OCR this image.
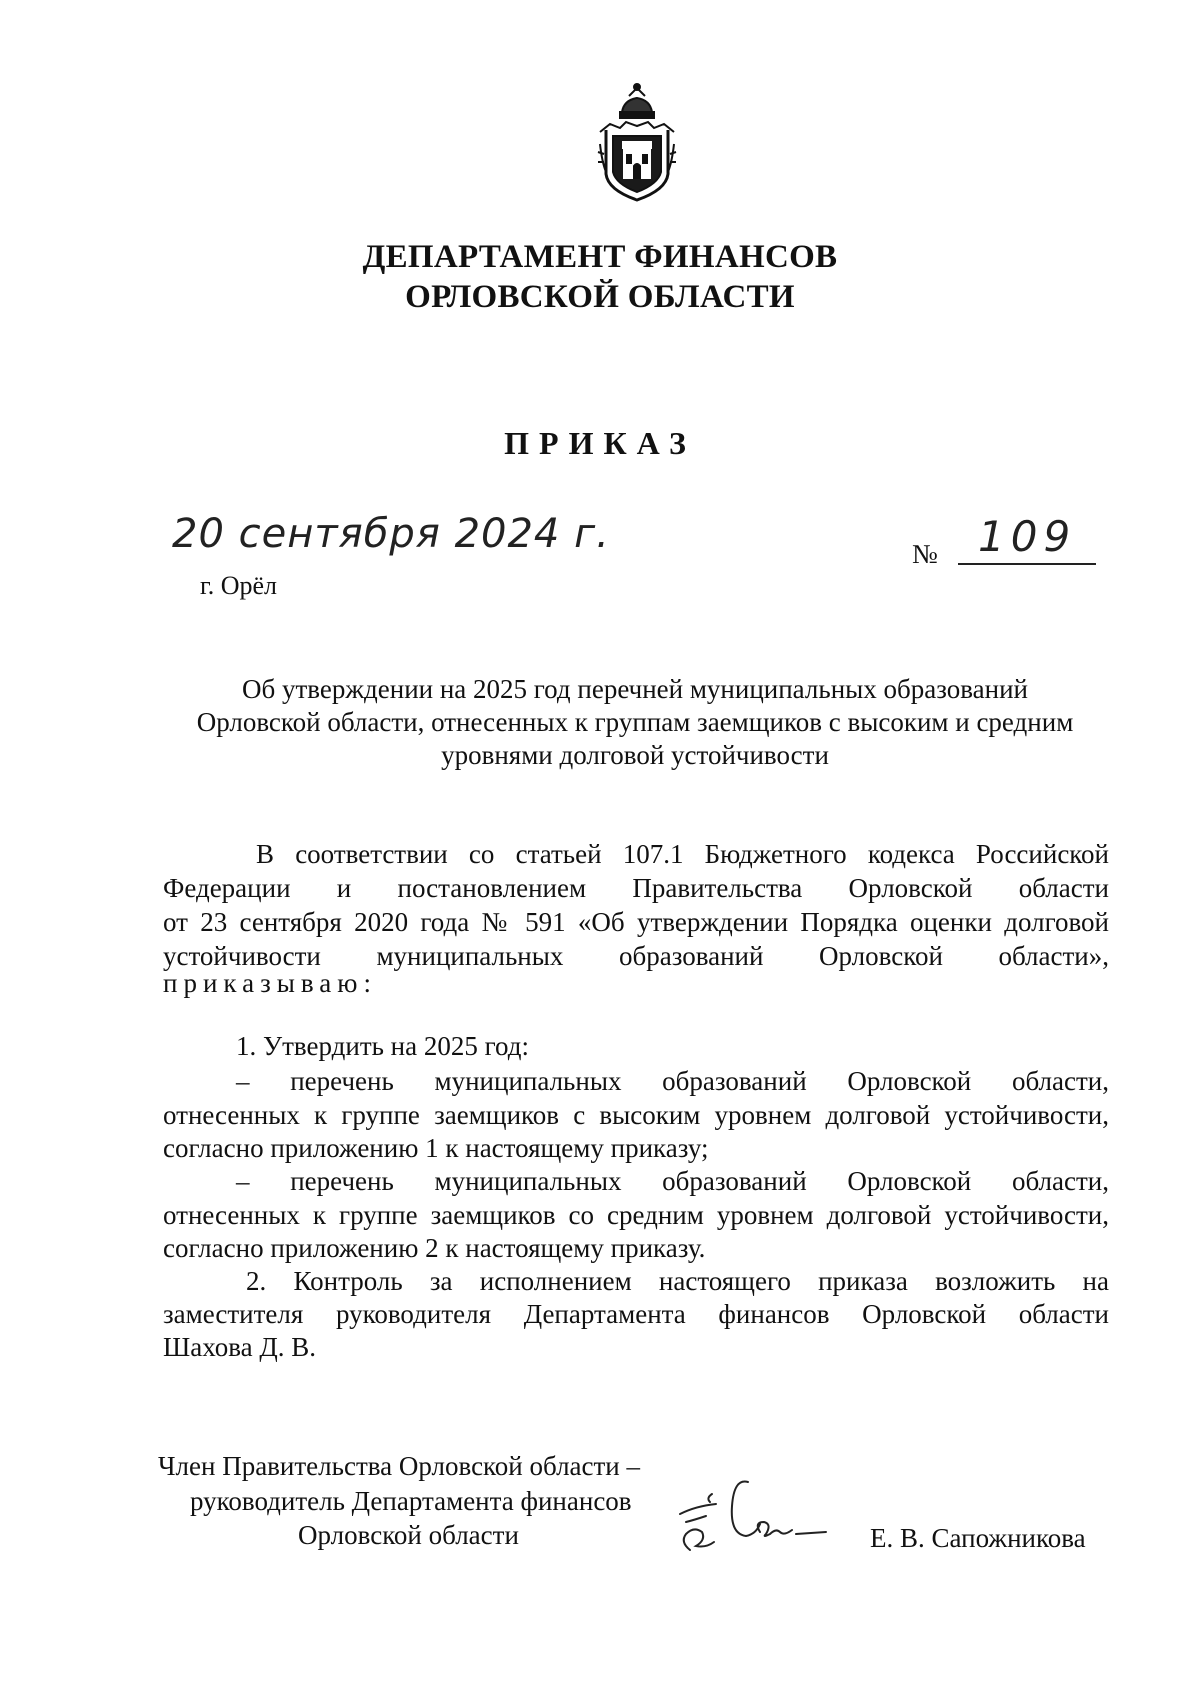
ДЕПАРТАМЕНТ ФИНАНСОВ
ОРЛОВСКОЙ ОБЛАСТИ
ПРИКАЗ
20 сентября 2024 г.
г. Орёл
№ 109
Об утверждении на 2025 год перечней муниципальных образований
Орловской области, отнесенных к группам заемщиков с высоким и средним
уровнями долговой устойчивости
В соответствии со статьей 107.1 Бюджетного кодекса Российской
Федерации и постановлением Правительства Орловской области
от 23 сентября 2020 года № 591 «Об утверждении Порядка оценки долговой
устойчивости муниципальных образований Орловской области»,
приказываю:
1. Утвердить на 2025 год:
– перечень муниципальных образований Орловской области,
отнесенных к группе заемщиков с высоким уровнем долговой устойчивости,
согласно приложению 1 к настоящему приказу;
– перечень муниципальных образований Орловской области,
отнесенных к группе заемщиков со средним уровнем долговой устойчивости,
согласно приложению 2 к настоящему приказу.
2. Контроль за исполнением настоящего приказа возложить на
заместителя руководителя Департамента финансов Орловской области
Шахова Д. В.
Член Правительства Орловской области –
руководитель Департамента финансов
Орловской области	Е. В. Сапожникова
